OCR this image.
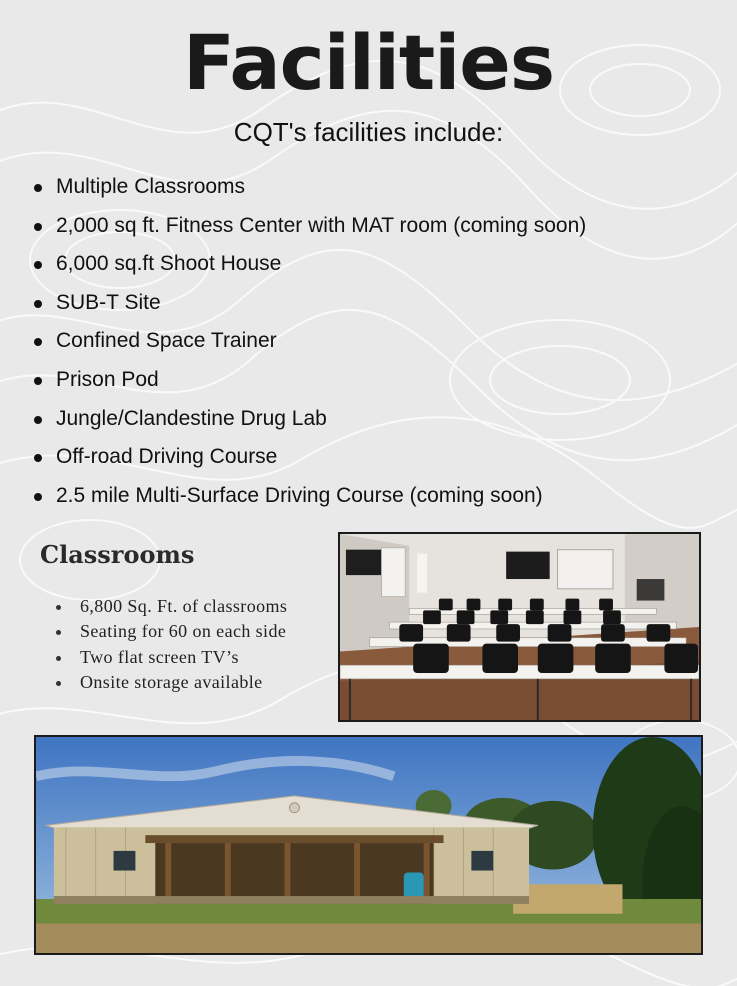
Facilities
CQT's facilities include:
Multiple Classrooms
2,000 sq ft. Fitness Center with MAT room (coming soon)
6,000 sq.ft Shoot House
SUB-T Site
Confined Space Trainer
Prison Pod
Jungle/Clandestine Drug Lab
Off-road Driving Course
2.5 mile Multi-Surface Driving Course (coming soon)
Classrooms
6,800 Sq. Ft. of classrooms
Seating for 60 on each side
Two flat screen TV’s
Onsite storage available
